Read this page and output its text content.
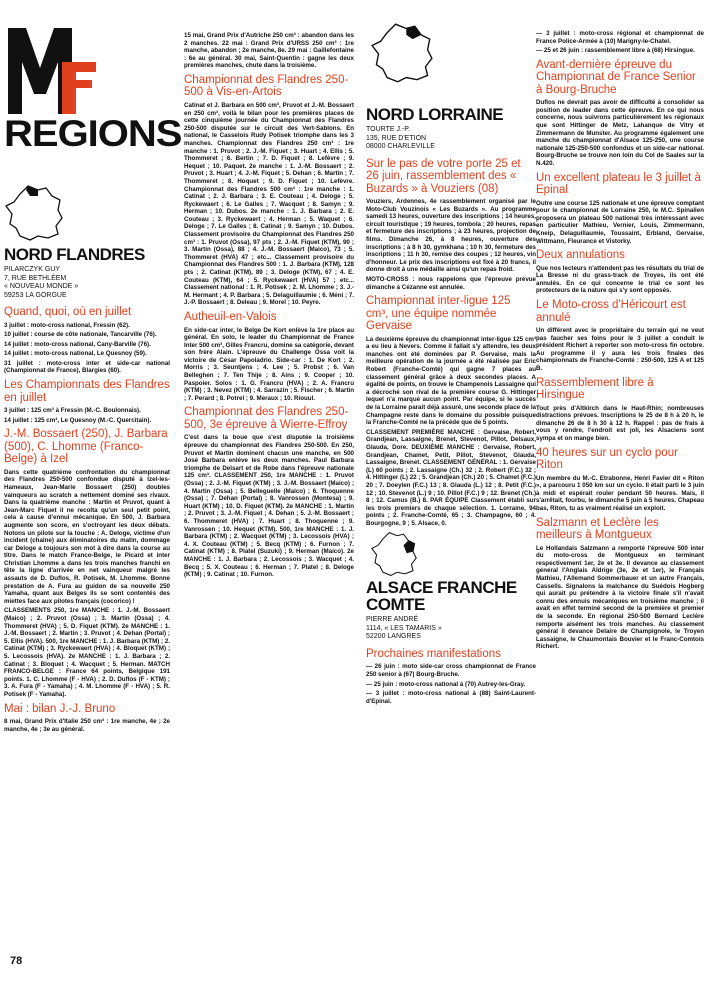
REGIONS
NORD FLANDRES
PILARCZYK GUY
7, RUE BETHLÉEM
« NOUVEAU MONDE »
59253 LA GORGUE
Quand, quoi, où en juillet

3 juillet : moto-cross national, Fressin (62).

10 juillet : course de côte nationale, Tancarville (76).

14 juillet : moto-cross national, Cany-Barville (76).

14 juillet : moto-cross national, Le Quesnoy (59).

31 juillet : moto-cross inter et side-car national (Championnat de France), Blargies (60).

Les Championnats des Flandres en juillet

3 juillet : 125 cm³ à Fressin (M.-C. Boulonnais).

14 juillet : 125 cm³, Le Quesnoy (M.-C. Quercitain).

J.-M. Bossaert (250), J. Barbara (500), C. Lhomme (Franco-Belge) à Izel

Dans cette quatrième confrontation du championnat des Flandres 250-500 confondue disputé à Izel-les-Hameaux, Jean-Marie Bossaert (250) doubles vainqueurs au scratch a nettement dominé ses rivaux. Dans la quatrième manche : Martin et Pruvot, quant à Jean-Marc Fiquet il ne recolta qu'un seul petit point, cela à cause d'ennui mécanique. En 500, J. Barbara augmente son score, en s'octroyant les deux débats. Notons un pilote sur la touche : A. Deloge, victime d'un incident (chaîne) aux éliminatoires du matin, dommage car Deloge a toujours son mot à dire dans la course au titre. Dans le match Franco-Belge, le Picard et inter Christian Lhomme a dans les trois manches franchi en tête la ligne d'arrivée en net vainqueur malgré les assauts de D. Duflos, R. Potisek, M. Lhomme. Bonne prestation de A. Fura au guidon de sa nouvelle 250 Yamaha, quant aux Belges ils se sont contentés des miettes face aux pilotes français (cocorico) !

CLASSEMENTS 250, 1re MANCHE : 1. J.-M. Bossaert (Maico) ; 2. Pruvot (Ossa) ; 3. Martin (Ossa) ; 4. Thommeret (HVA) ; 5. D. Fiquet (KTM). 2e MANCHE : 1. J.-M. Bossaert ; 2. Martin ; 3. Pruvot ; 4. Dehan (Portal) ; 5. Ellis (HVA). 500, 1re MANCHE : 1. J. Barbara (KTM) ; 2. Catinat (KTM) ; 3. Ryckewaert (HVA) ; 4. Bloquet (KTM) ; 5. Lecossois (HVA). 2e MANCHE : 1. J. Barbara ; 2. Catinat ; 3. Bloquet ; 4. Wacquet ; 5. Herman. MATCH FRANCO-BELGE : France 64 points, Belgique 191 points. 1. C. Lhomme (F - HVA) ; 2. D. Duflos (F - KTM) ; 3. A. Fura (F - Yamaha) ; 4. M. Lhomme (F - HVA) ; 5. R. Potisek (F - Yamaha).

Mai : bilan J.-J. Bruno

8 mai, Grand Prix d'Italie 250 cm³ : 1re manche, 4e ; 2e manche, 4e ; 3e au général.

15 mai, Grand Prix d'Autriche 250 cm³ : abandon dans les 2 manches. 22 mai : Grand Prix d'URSS 250 cm³ : 1re manche, abandon ; 2e manche, 8e. 29 mai : Gaillefontaine : 6e au général. 30 mai, Saint-Quentin : gagne les deux premières manches, chute dans la troisième.

Championnat des Flandres 250-500 à Vis-en-Artois

Catinat et J. Barbara en 500 cm³, Pruvot et J.-M. Bossaert en 250 cm³, voilà le bilan pour les premières places de cette cinquième journée du Championnat des Flandres 250-500 disputée sur le circuit des Vert-Sablons. En national, le Casselois Rudy Potisek triomphe dans les 3 manches. Championnat des Flandres 250 cm³ : 1re manche : 1. Pruvot ; 2. J.-M. Fiquet ; 3. Huart ; 4. Ellis ; 5. Thommeret ; 6. Bertin ; 7. D. Fiquet ; 8. Lefèvre ; 9. Hequet ; 10. Paquet. 2e manche : 1. J.-M. Bossaert ; 2. Pruvot ; 3. Huart ; 4. J.-M. Fiquet ; 5. Dehan ; 6. Martin ; 7. Thommeret ; 8. Hoquet ; 9. D. Fiquet ; 10. Lefèvre. Championnat des Flandres 500 cm³ : 1re manche : 1. Catinat ; 2. J. Barbara ; 3. E. Couteau ; 4. Deloge ; 5. Ryckewaert ; 6. Le Galles ; 7. Wacquet ; 8. Samyn ; 9. Herman ; 10. Dubos. 2e manche : 1. J. Barbara ; 2. E. Couteau ; 3. Ryckewaert ; 4. Herman ; 5. Waquet ; 6. Deloge ; 7. Le Galles ; 8. Catinat ; 9. Samyn ; 10. Dubos. Classement provisoire du Championnat des Flandres 250 cm³ : 1. Pruvot (Ossa), 97 pts ; 2. J.-M. Fiquet (KTM), 90 ; 3. Martin (Ossa), 88 ; 4. J.-M. Bossaert (Maico), 73 ; 5. Thommeret (HVA) 47 ; etc... Classement provisoire du Championnat des Flandres 500 : 1. J. Barbara (KTM), 128 pts ; 2. Catinat (KTM), 89 ; 3. Deloge (KTM), 67 ; 4. E. Couteau (KTM), 64 ; 5. Ryckewaert (HVA) 57 ; etc... Classement national : 1. R. Potisek ; 2. M. Lhomme ; 3. J.-M. Hermant ; 4. P. Barbara ; 5. Delaguillaumie ; 6. Méni ; 7. J.-P. Bossaert ; 8. Deleau ; 9. Morel ; 10. Peyre.

Autheuil-en-Valois

En side-car inter, le Belge De Kort enlève la 1re place au général. En solo, le leader du Championnat de France Inter 500 cm³, Gilles Francru, domine sa catégorie, devant son frère Alain. L'épreuve du Challenge Ossa voit la victoire de César Papoladrio. Side-car : 1. De Kort ; 2. Morris ; 3. Seuntjens ; 4. Lee ; 5. Probst ; 6. Van Belleghen ; 7. Ten Thije ; 8. Ains ; 9. Cooper ; 10. Paspoier. Solos : 1. G. Francru (HVA) ; 2. A. Francru (KTM) ; 3. Nevez (KTM) ; 4. Sarrazin ; 5. Fischer ; 6. Martin ; 7. Perard ; 8. Potrel ; 9. Meraux ; 10. Riouul.

Championnat des Flandres 250-500, 3e épreuve à Wierre-Effroy

C'est dans la boue que s'est disputée la troisième épreuve du championnat des Flandres 250-500. En 250, Pruvot et Martin dominent chacun une manche, en 500 José Barbara enlève les deux manches. Paul Barbara triomphe de Delsart et de Robe dans l'épreuve nationale 125 cm³. CLASSEMENT 250, 1re MANCHE : 1. Pruvot (Ossa) ; 2. J.-M. Fiquet (KTM) ; 3. J.-M. Bossaert (Maico) ; 4. Martin (Ossa) ; 5. Belleguelle (Maico) ; 6. Thoquenne (Ossa) ; 7. Dehan (Portal) ; 8. Vanrossen (Montesa) ; 9. Huart (KTM) ; 10. D. Fiquet (KTM). 2e MANCHE : 1. Martin ; 2. Pruvot ; 3. J.-M. Fiquet ; 4. Dehan ; 5. J.-M. Bossaert ; 6. Thommeret (HVA) ; 7. Huart ; 8. Thoquenne ; 9. Vanrossen ; 10. Hequet (KTM). 500, 1re MANCHE : 1. J. Barbara (KTM) ; 2. Wacquet (KTM) ; 3. Lecossois (HVA) ; 4. X. Couteau (KTM) ; 5. Becq (KTM) ; 6. Furnon ; 7. Catinat (KTM) ; 8. Platel (Suzuki) ; 9. Herman (Maico). 2e MANCHE : 1. J. Barbara ; 2. Lecossois ; 3. Wacquet ; 4. Becq ; 5. X. Couteau ; 6. Herman ; 7. Platel ; 8. Deloge (KTM) ; 9. Catinat ; 10. Furnon.

NORD LORRAINE
TOURTE J.-P.
135, RUE D'ETION
08000 CHARLEVILLE
Sur le pas de votre porte 25 et 26 juin, rassemblement des « Buzards » à Vouziers (08)

Vouziers, Ardennes, 4e rassemblement organisé par le Moto-Club Vouzinois « Les Buzards ». Au programme samedi 13 heures, ouverture des inscriptions ; 14 heures, circuit touristique ; 19 heures, tombola ; 20 heures, repas et fermeture des inscriptions ; à 23 heures, projection de films. Dimanche 26, à 8 heures, ouverture des inscriptions ; à 8 h 30, gymkhana ; 10 h 30, fermeture des inscriptions ; 11 h 30, remise des coupes ; 12 heures, vin d'honneur. Le prix des inscriptions est fixé à 20 francs, il donne droit à une médaille ainsi qu'un repas froid.

MOTO-CROSS : nous rappelons que l'épreuve prévue dimanche à Cézanne est annulée.

Championnat inter-ligue 125 cm³, une équipe nommée Gervaise

La deuxième épreuve du championnat inter-ligue 125 cm³ a eu lieu à Nevers. Comme il fallait s'y attendre, les deux manches ont été dominées par P. Gervaise, mais la meilleure opération de la journée a été réalisée par Eric Robert (Franche-Comté) qui gagne 7 places au classement général grâce à deux secondes places. A égalité de points, on trouve le Champenois Lassaigne qui a décroché son rival de la première course G. Hittinger lequel n'a marqué aucun point. Par équipe, si le succès de la Lorraine parait déjà assuré, une seconde place de la Champagne reste dans le domaine du possible puisque la Franche-Comté ne la précède que de 5 points.

CLASSEMENT PREMIÈRE MANCHE : Gervaise, Robert, Grandjean, Lassaigne, Brenet, Stevenot, Pillot, Delsaux, Glauda, Dore. DEUXIÈME MANCHE : Gervaise, Robert, Grandjean, Chamet, Petit, Pillot, Stevenot, Glauda, Lassaigne, Brenet. CLASSEMENT GÉNÉRAL : 1. Gervaise (L) 60 points ; 2. Lassaigne (Ch.) 32 ; 2. Robert (F.C.) 32 ; 4. Hittinger (L) 22 ; 5. Grandjean (Ch.) 20 ; 5. Chamet (F.C.) 20 ; 7. Doeylen (F.C.) 13 ; 8. Glauda (L.) 12 ; 8. Petit (F.C.) 12 ; 10. Stevenot (L.) 9 ; 10. Pillot (F.C.) 9 ; 12. Brenet (Ch.) 8 ; 12. Camus (B.) 8. PAR ÉQUIPE Classement établi sur les trois premiers de chaque sélection. 1. Lorraine, 94 points ; 2. Franche-Comté, 65 ; 3. Champagne, 60 ; 4. Bourgogne, 9 ; 5. Alsace, 0.

ALSACE FRANCHE COMTE
PIERRE ANDRÉ
1114, « LES TAMARIS »
52200 LANGRES
Prochaines manifestations

— 26 juin : moto side-car cross championnat de France 250 senior à (67) Bourg-Bruche.

— 25 juin : moto-cross national à (70) Autrey-les-Gray.

— 3 juillet : moto-cross national à (88) Saint-Laurent-d'Epinal.

— 3 juillet : moto-cross régional et championnat de France Police-Armée à (10) Marigny-le-Chatel.

— 25 et 26 juin : rassemblement libre à (68) Hirsingue.

Avant-dernière épreuve du Championnat de France Senior à Bourg-Bruche

Duflos ne devrait pas avoir de difficulté à consolider sa position de leader dans cette épreuve. En ce qui nous concerne, nous suivrons particulièrement les régionaux que sont Hittinger de Metz, Lahanque de Vitry et Zimmermann de Munster. Au programme également une manche du championnat d'Alsace 125-250, une course nationale 125-250-500 confondus et un side-car national. Bourg-Bruche se trouve non loin du Col de Saales sur la N.420.

Un excellent plateau le 3 juillet à Epinal

Outre une course 125 nationale et une épreuve comptant pour le championnat de Lorraine 250, le M.C. Spinalien proposera un plateau 500 national très intéressant avec en particulier Mathieu, Vernier, Louis, Zimmermann, Kneip, Delaguillaumie, Toussaint, Erbland, Gervaise, Wittmann, Fleurance et Vistorky.

Deux annulations

Que nos lecteurs n'attendent pas les résultats du trial de La Bresse ni du grass-track de Troyes, ils ont été annulés. En ce qui concerne le trial ce sont les protecteurs de la nature qui s'y sont opposés.

Le Moto-cross d'Héricourt est annulé

Un différent avec le propriétaire du terrain qui ne veut pas faucher ses foins pour le 3 juillet a conduit le président Richert à reporter son moto-cross fin octobre. Au programme il y aura les trois finales des championnats de Franche-Comté : 250-500, 125 A et 125 B.

Rassemblement libre à Hirsingue

Tout près d'Altkirch dans le Haut-Rhin; nombreuses distractions prévues. Inscriptions le 25 de 8 h à 20 h, le dimanche 26 de 8 h 30 à 12 h. Rappel : pas de frais à vous y rendre, l'endroit est joli, les Alsaciens sont sympa et on mange bien.

40 heures sur un cyclo pour Riton

Un membre du M.-C. Etrabonne, Henri Favier dit « Riton », a parcouru 1 050 km sur un cyclo. Il était parti le 3 juin à midi et espérait rouler pendant 50 heures. Mais, il s'arrêtait, fourbu, le dimanche 5 juin à 5 heures. Chapeau bas, Riton, tu as vraiment réalisé un exploit.

Salzmann et Leclère les meilleurs à Montgueux

Le Hollandais Salzmann a remporté l'épreuve 500 inter du moto-cross de Montgueux en terminant respectivement 1er, 2e et 3e. Il devance au classement général l'Anglais Aldrige (3e, 2e et 1er), le Français Mathieu, l'Allemand Sommerbauer et un autre Français, Cassells. Signalons la malchance du Suédois Hogberg qui aurait pu prétendre à la victoire finale s'il n'avait connu des ennuis mécaniques en troisième manche ; il avait en effet terminé second de la première et premier de la seconde. En régional 250-500 Bernard Leclère remporte aisément les trois manches. Au classement général il devance Delaire de Champignole, le Troyen Lassaigne, le Chaumontais Bouvier et le Franc-Comtois Richert.

78
